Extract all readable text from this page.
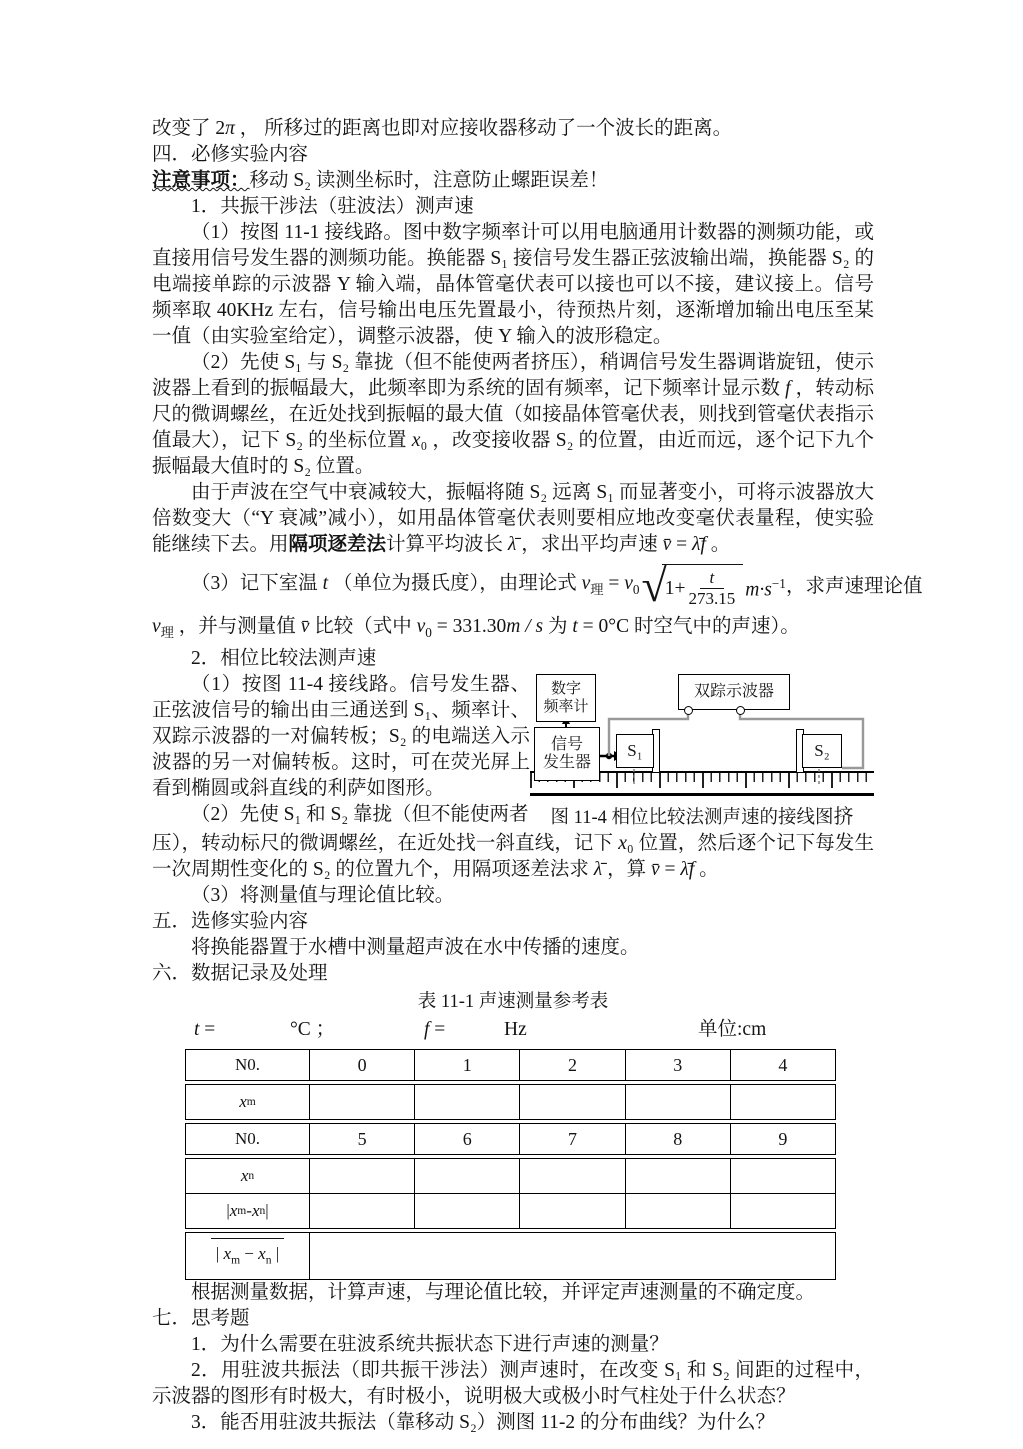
改变了 2π ， 所移过的距离也即对应接收器移动了一个波长的距离。

四．必修实验内容

注意事项：移动 S₂ 读测坐标时，注意防止螺距误差！

1．共振干涉法（驻波法）测声速

（1）按图 11-1 接线路。图中数字频率计可以用电脑通用计数器的测频功能，或直接用信号发生器的测频功能。换能器 S₁ 接信号发生器正弦波输出端，换能器 S₂ 的电端接单踪的示波器 Y 输入端，晶体管毫伏表可以接也可以不接，建议接上。信号频率取 40KHz 左右，信号输出电压先置最小，待预热片刻，逐渐增加输出电压至某一值（由实验室给定），调整示波器，使 Y 输入的波形稳定。

（2）先使 S₁ 与 S₂ 靠拢（但不能使两者挤压），稍调信号发生器调谐旋钮，使示波器上看到的振幅最大，此频率即为系统的固有频率，记下频率计显示数 f ，转动标尺的微调螺丝，在近处找到振幅的最大值（如接晶体管毫伏表，则找到管毫伏表指示值最大），记下 S₂ 的坐标位置 x₀ ，改变接收器 S₂ 的位置，由近而远，逐个记下九个振幅最大值时的 S₂ 位置。

由于声波在空气中衰减较大，振幅将随 S₂ 远离 S₁ 而显著变小，可将示波器放大倍数变大（“Y 衰减”减小），如用晶体管毫伏表则要相应地改变毫伏表量程，使实验能继续下去。用隔项逐差法计算平均波长 λ̄ ，求出平均声速 v̄ = λ̄f 。

（3）记下室温 t （单位为摄氏度），由理论式 $v_理 = v_0$ √
$1+ \frac{t}{273.15} m\cdot s^{-1}$ ，求声速理论值

$v_理$ ，并与测量值 v̄ 比较（式中 $v_0 = 331.30m / s$ 为 t = 0°C 时空气中的声速）。

2．相位比较法测声速

（1）按图 11-4 接线路。信号发生器、正弦波信号的输出由三通送到 S₁、频率计、双踪示波器的一对偏转板；S₂ 的电端送入示波器的另一对偏转板。这时，可在荧光屏上看到椭圆或斜直线的利萨如图形。

（2）先使 S₁ 和 S₂ 靠拢（但不能使两者

数字
频率计
双踪示波器
信号
发生器
S₁	S₂
图 11-4 相位比较法测声速的接线图挤

压），转动标尺的微调螺丝，在近处找一斜直线，记下 x₀ 位置，然后逐个记下每发生一次周期性变化的 S₂ 的位置九个，用隔项逐差法求 λ̄ ，算 v̄ = λ̄f 。

（3）将测量值与理论值比较。

五．选修实验内容

将换能器置于水槽中测量超声波在水中传播的速度。

六．数据记录及处理

表 11-1 声速测量参考表
t =	°C ；	f =	Hz	单位:cm
N0.	0	1	2	3	4
x m
N0.	5	6	7	8	9
x n
| x m - x n |
| $x_m - x_n$ |

根据测量数据，计算声速，与理论值比较，并评定声速测量的不确定度。

七．思考题

1．为什么需要在驻波系统共振状态下进行声速的测量？

2．用驻波共振法（即共振干涉法）测声速时，在改变 S₁ 和 S₂ 间距的过程中，示波器的图形有时极大，有时极小，说明极大或极小时气柱处于什么状态？

3．能否用驻波共振法（靠移动 S₂）测图 11-2 的分布曲线？为什么？
